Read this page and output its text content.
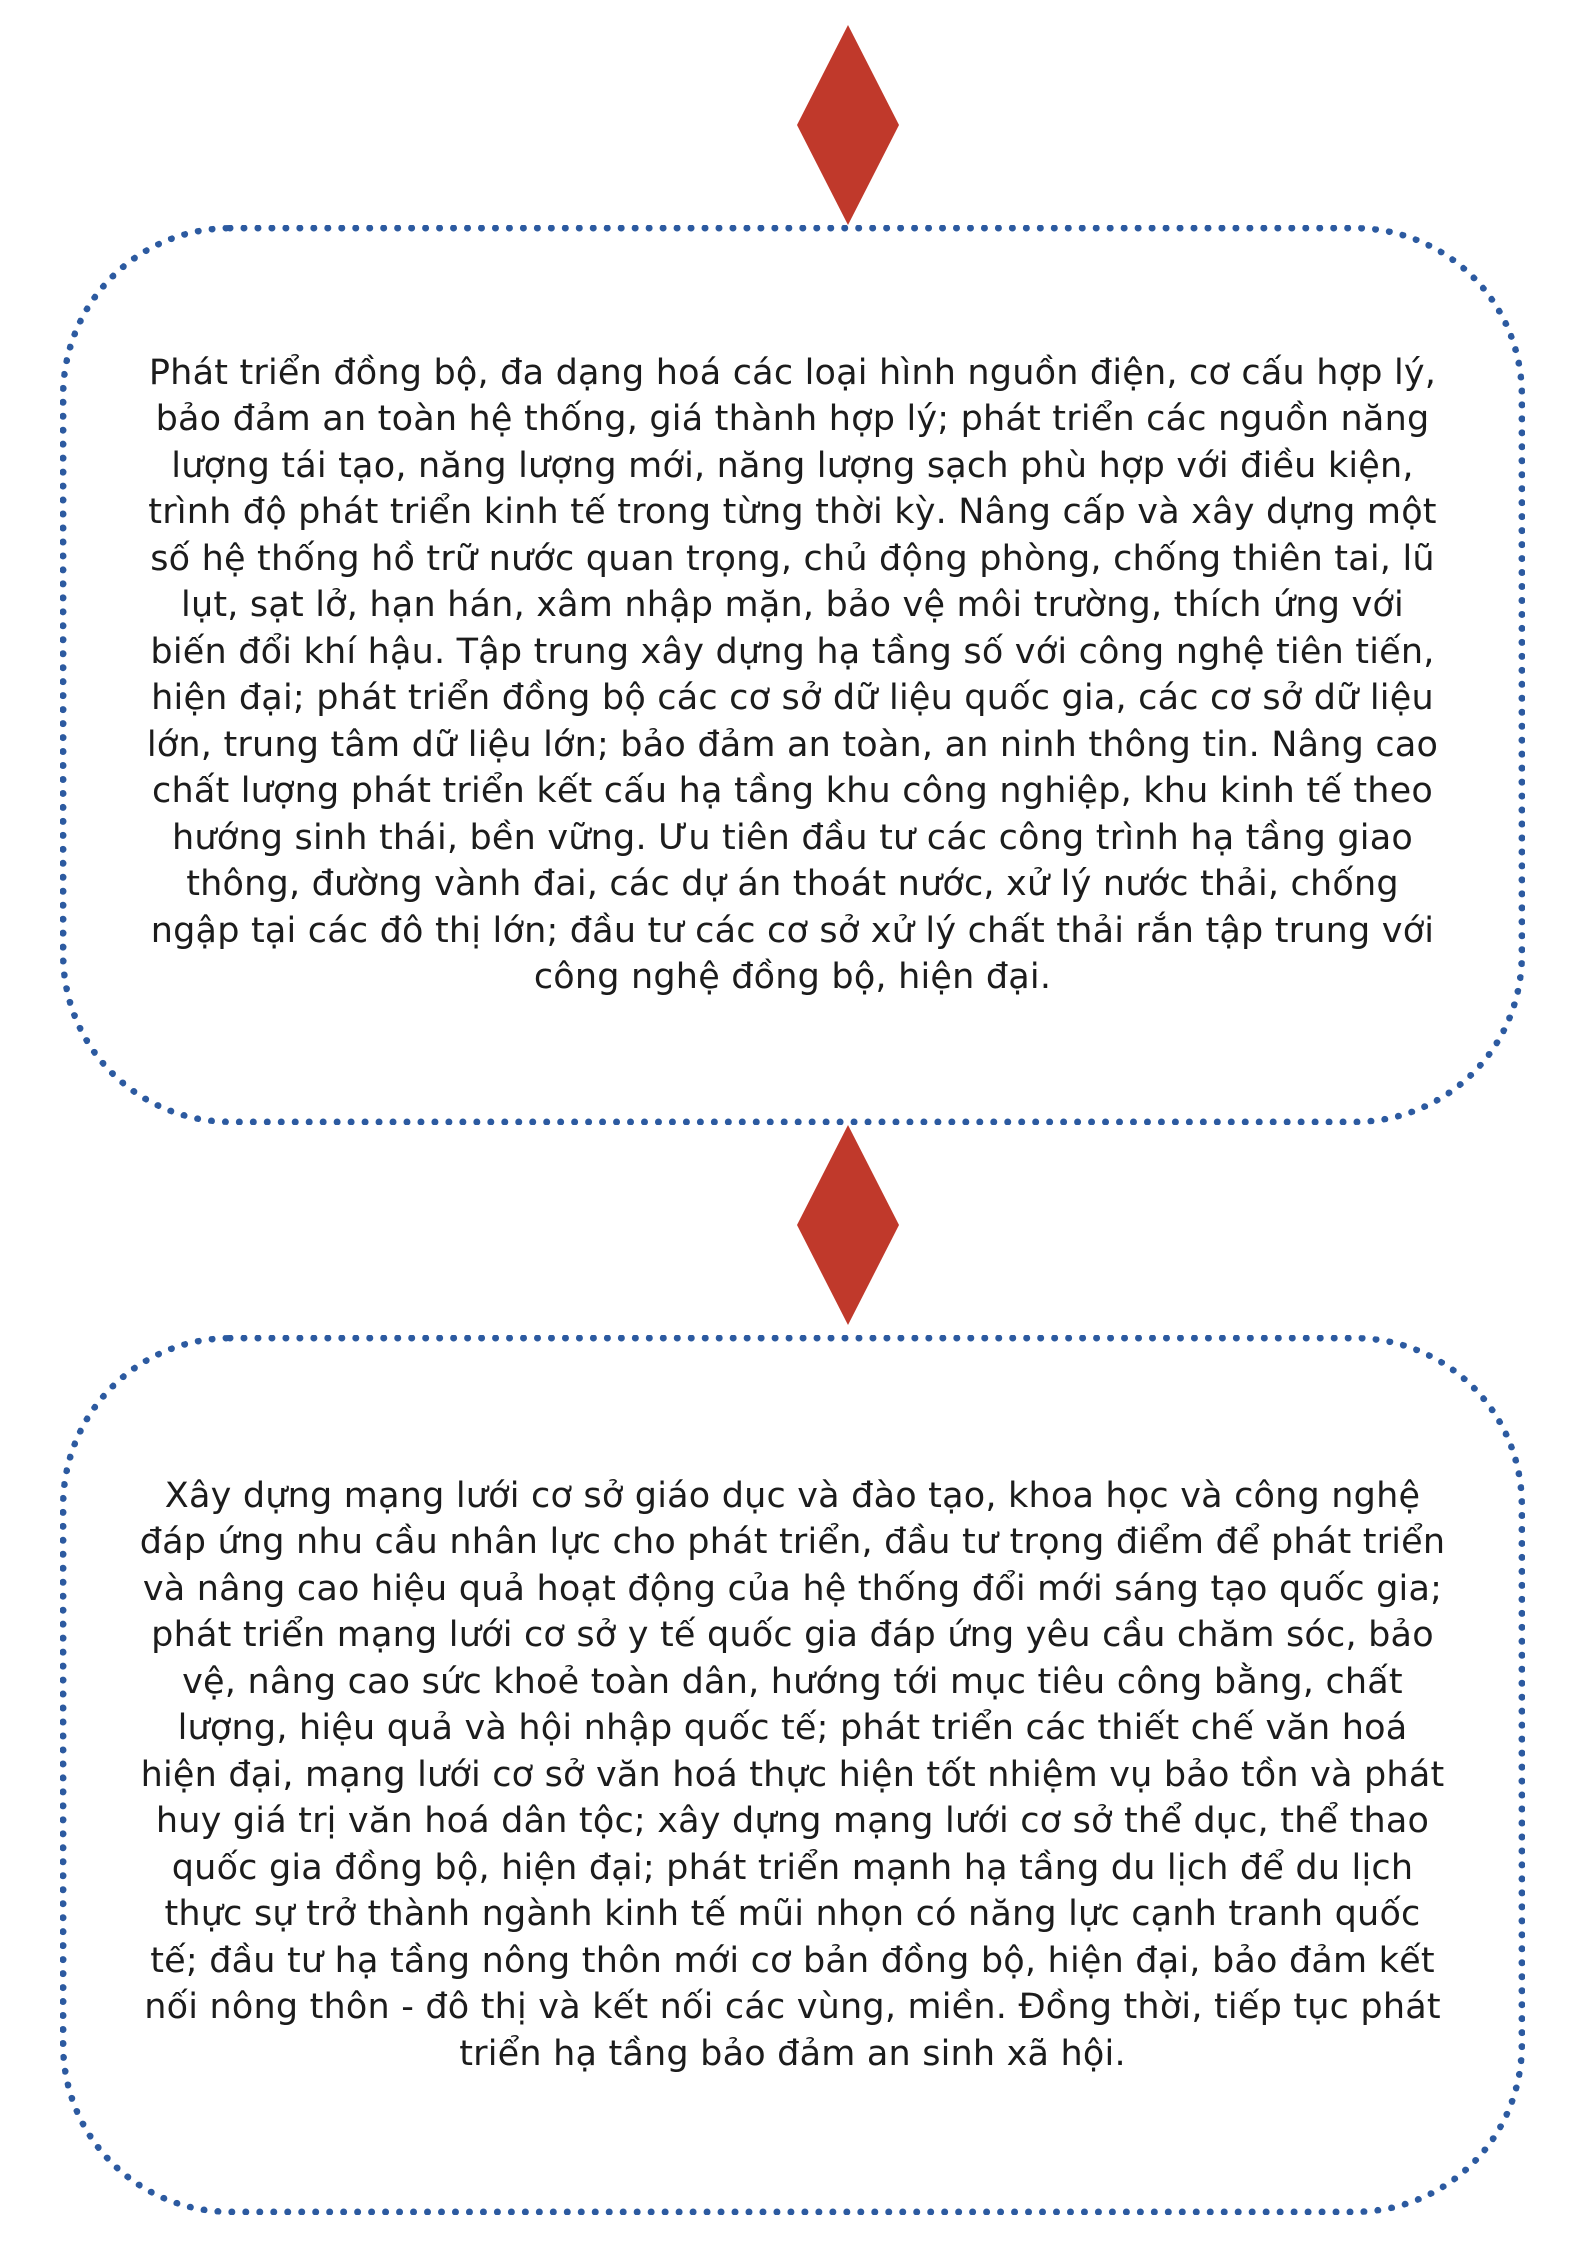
Phát triển đồng bộ, đa dạng hoá các loại hình nguồn điện, cơ cấu hợp lý, bảo đảm an toàn hệ thống, giá thành hợp lý; phát triển các nguồn năng lượng tái tạo, năng lượng mới, năng lượng sạch phù hợp với điều kiện, trình độ phát triển kinh tế trong từng thời kỳ. Nâng cấp và xây dựng một số hệ thống hồ trữ nước quan trọng, chủ động phòng, chống thiên tai, lũ lụt, sạt lở, hạn hán, xâm nhập mặn, bảo vệ môi trường, thích ứng với biến đổi khí hậu. Tập trung xây dựng hạ tầng số với công nghệ tiên tiến, hiện đại; phát triển đồng bộ các cơ sở dữ liệu quốc gia, các cơ sở dữ liệu lớn, trung tâm dữ liệu lớn; bảo đảm an toàn, an ninh thông tin. Nâng cao chất lượng phát triển kết cấu hạ tầng khu công nghiệp, khu kinh tế theo hướng sinh thái, bền vững. Ưu tiên đầu tư các công trình hạ tầng giao thông, đường vành đai, các dự án thoát nước, xử lý nước thải, chống ngập tại các đô thị lớn; đầu tư các cơ sở xử lý chất thải rắn tập trung với công nghệ đồng bộ, hiện đại.

Xây dựng mạng lưới cơ sở giáo dục và đào tạo, khoa học và công nghệ đáp ứng nhu cầu nhân lực cho phát triển, đầu tư trọng điểm để phát triển và nâng cao hiệu quả hoạt động của hệ thống đổi mới sáng tạo quốc gia; phát triển mạng lưới cơ sở y tế quốc gia đáp ứng yêu cầu chăm sóc, bảo vệ, nâng cao sức khoẻ toàn dân, hướng tới mục tiêu công bằng, chất lượng, hiệu quả và hội nhập quốc tế; phát triển các thiết chế văn hoá hiện đại, mạng lưới cơ sở văn hoá thực hiện tốt nhiệm vụ bảo tồn và phát huy giá trị văn hoá dân tộc; xây dựng mạng lưới cơ sở thể dục, thể thao quốc gia đồng bộ, hiện đại; phát triển mạnh hạ tầng du lịch để du lịch thực sự trở thành ngành kinh tế mũi nhọn có năng lực cạnh tranh quốc tế; đầu tư hạ tầng nông thôn mới cơ bản đồng bộ, hiện đại, bảo đảm kết nối nông thôn - đô thị và kết nối các vùng, miền. Đồng thời, tiếp tục phát triển hạ tầng bảo đảm an sinh xã hội.
